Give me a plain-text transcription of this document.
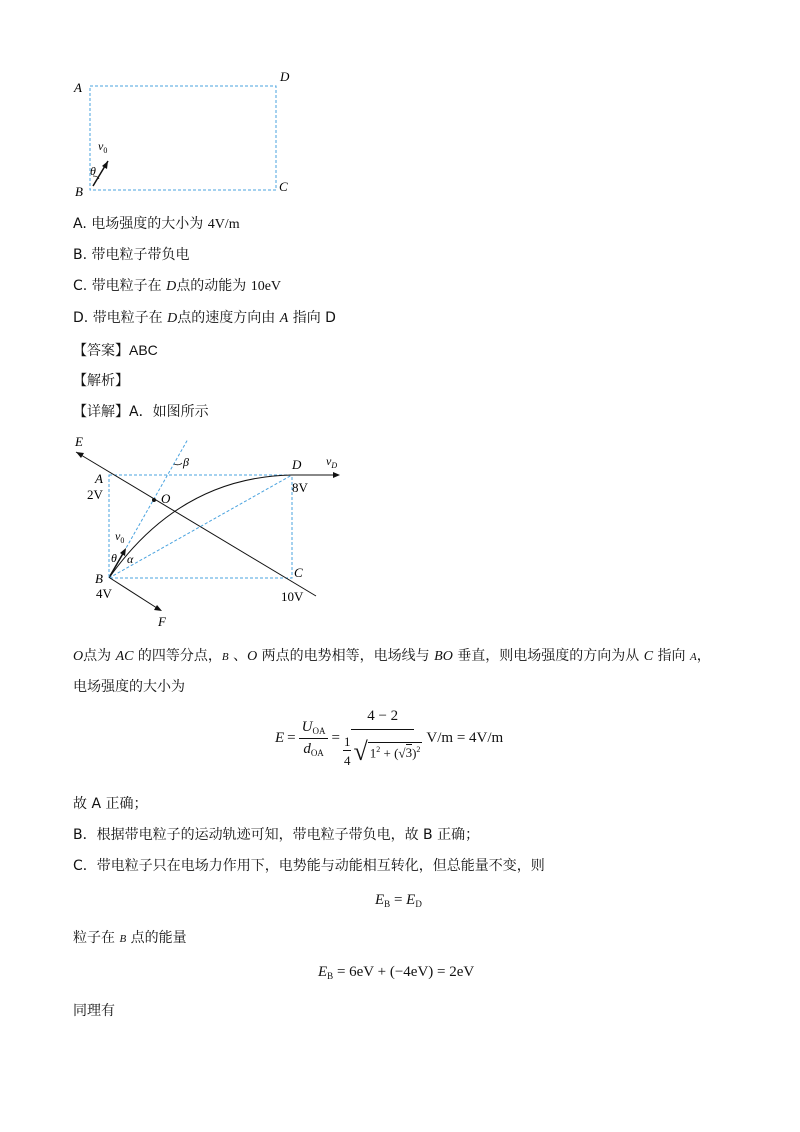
A
D
B	C
$v_0$
θ
A. 电场强度的大小为 4V/m
B. 带电粒子带负电
C. 带电粒子在 D点的动能为 10eV
D. 带电粒子在 D点的速度方向由 A 指向 D
【答案】ABC
【解析】
【详解】A．如图所示
E
A
2V
D
8V
$v_D$
β
O
$v_0$
θ α
B
4V
C
10V
F
O点为 AC 的四等分点，B 、O 两点的电势相等，电场线与 BO 垂直，则电场强度的方向为从 C 指向 A，
电场强度的大小为
$E = \frac{U_{OA}}{d_{OA}} = \frac{4 - 2}{\frac{1}{4} √ 1^2 + (√3)^2} V/m = 4V/m$
故 A 正确；
B．根据带电粒子的运动轨迹可知，带电粒子带负电，故 B 正确；
C．带电粒子只在电场力作用下，电势能与动能相互转化，但总能量不变，则
$E_B = E_D$
粒子在 B 点的能量
$E_B = 6eV + (-4eV) = 2eV$
同理有
